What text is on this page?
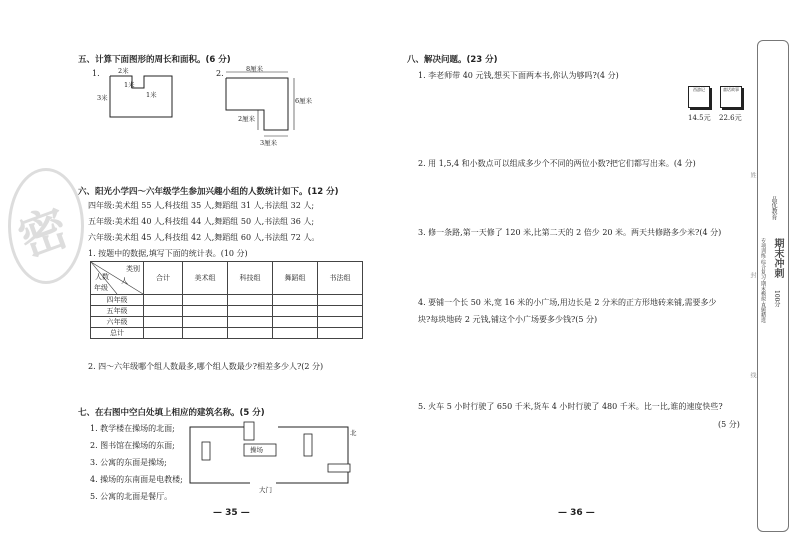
密
五、计算下面图形的周长和面积。(6 分)
1.	2米
1米
1米
3米
2.	8厘米
6厘米
2厘米
3厘米
六、阳光小学四～六年级学生参加兴趣小组的人数统计如下。(12 分)
四年级:美术组 55 人,科技组 35 人,舞蹈组 31 人,书法组 32 人;
五年级:美术组 40 人,科技组 44 人,舞蹈组 50 人,书法组 36 人;
六年级:美术组 45 人,科技组 42 人,舞蹈组 60 人,书法组 72 人。
1. 按题中的数据,填写下面的统计表。(10 分)
类别
人数 人
年级	合计	美术组	科技组	舞蹈组	书法组
四年级					
五年级					
六年级					
总计					
2. 四～六年级哪个组人数最多,哪个组人数最少?相差多少人?(2 分)
七、在右图中空白处填上相应的建筑名称。(5 分)
1. 教学楼在操场的北面;
2. 图书馆在操场的东面;
3. 公寓的东面是操场;
4. 操场的东南面是电教楼;
5. 公寓的北面是餐厅。
操场
大门
北
— 35 —
八、解决问题。(23 分)
1. 李老师带 40 元钱,想买下面两本书,你认为够吗?(4 分)
西游记	童话故事
14.5元 22.6元
2. 用 1,5,4 和小数点可以组成多少个不同的两位小数?把它们都写出来。(4 分)
3. 修一条路,第一天修了 120 米,比第二天的 2 倍少 20 米。两天共修路多少米?(4 分)
4. 要铺一个长 50 米,宽 16 米的小广场,用边长是 2 分米的正方形地砖来铺,需要多少
块?每块地砖 2 元钱,铺这个小广场要多少钱?(5 分)
5. 火车 5 小时行驶了 650 千米,货车 4 小时行驶了 480 千米。比一比,谁的速度快些?
(5 分)
— 36 —
品优教育
期末冲刺
100分
专项训练·综合复习·期末模拟·真题精选
姓
封
线
